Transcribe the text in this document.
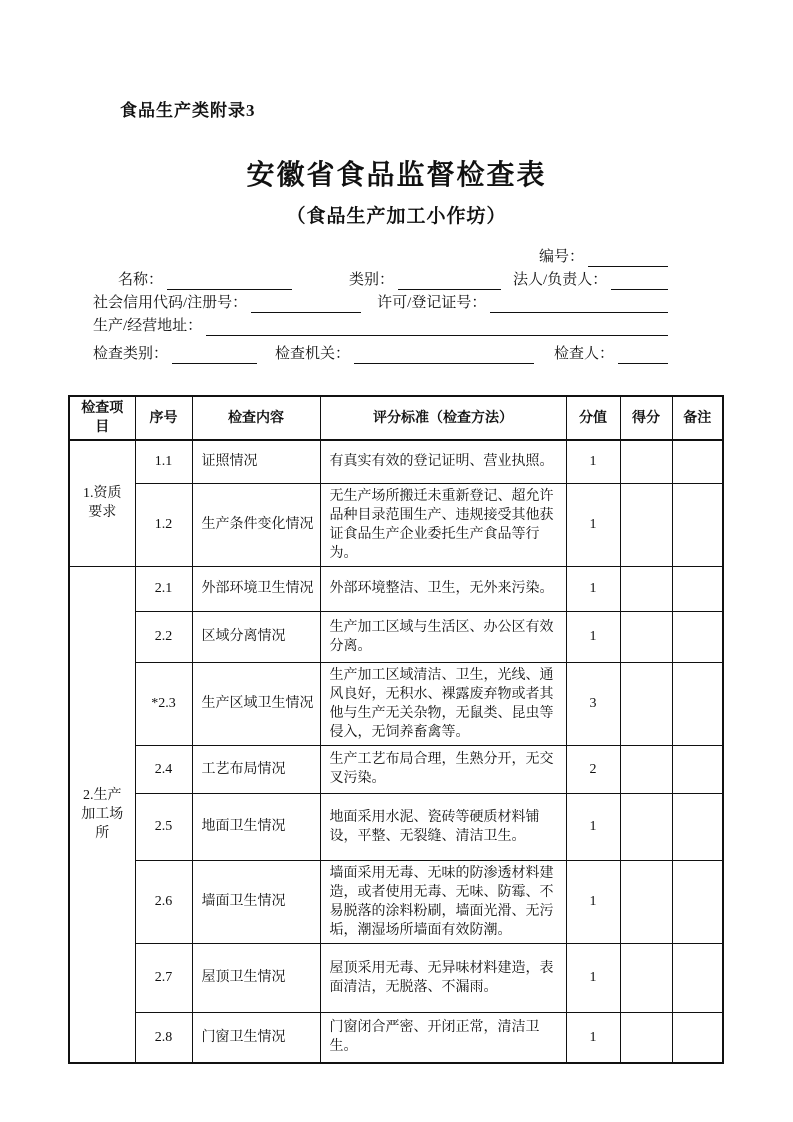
食品生产类附录3
安徽省食品监督检查表
（食品生产加工小作坊）
编号：
名称：	类别：	法人/负责人：
社会信用代码/注册号：	许可/登记证号：
生产/经营地址：
检查类别：	检查机关：	检查人：
检查项目	序号	检查内容	评分标准（检查方法）	分值	得分	备注
1.资质要求	1.1	证照情况	有真实有效的登记证明、营业执照。	1		
	1.2	生产条件变化情况	无生产场所搬迁未重新登记、超允许品种目录范围生产、违规接受其他获证食品生产企业委托生产食品等行为。	1		
2.生产加工场所	2.1	外部环境卫生情况	外部环境整洁、卫生，无外来污染。	1		
	2.2	区域分离情况	生产加工区域与生活区、办公区有效分离。	1		
	*2.3	生产区域卫生情况	生产加工区域清洁、卫生，光线、通风良好，无积水、裸露废弃物或者其他与生产无关杂物，无鼠类、昆虫等侵入，无饲养畜禽等。	3		
	2.4	工艺布局情况	生产工艺布局合理，生熟分开，无交叉污染。	2		
	2.5	地面卫生情况	地面采用水泥、瓷砖等硬质材料铺设，平整、无裂缝、清洁卫生。	1		
	2.6	墙面卫生情况	墙面采用无毒、无味的防渗透材料建造，或者使用无毒、无味、防霉、不易脱落的涂料粉刷，墙面光滑、无污垢，潮湿场所墙面有效防潮。	1		
	2.7	屋顶卫生情况	屋顶采用无毒、无异味材料建造，表面清洁，无脱落、不漏雨。	1		
	2.8	门窗卫生情况	门窗闭合严密、开闭正常，清洁卫生。	1		
